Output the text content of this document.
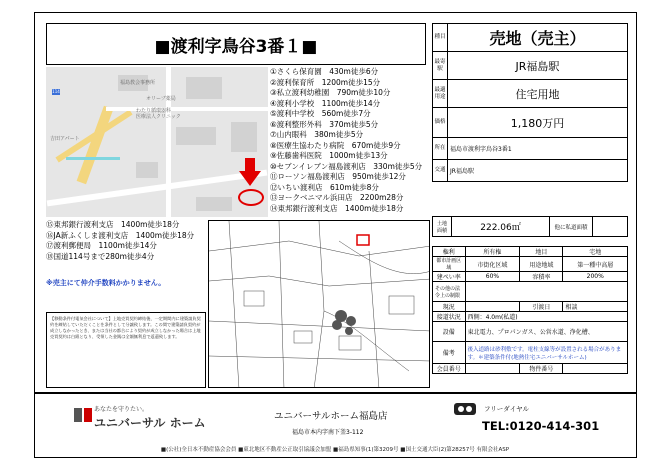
■渡利字鳥谷3番１■
福島教会事務所
オリーブ薬局
わたり循環器科
医療法人クリニック
吉田アパート
114
①さくら保育園　430m徒歩6分
②渡利保育所　1200m徒歩15分
③私立渡利幼稚園　790m徒歩10分
④渡利小学校　1100m徒歩14分
⑤渡利中学校　560m徒歩7分
⑥渡利整形外科　370m徒歩5分
⑦山内眼科　380m徒歩5分
⑧医療生協わたり病院　670m徒歩9分
⑨佐藤歯科医院　1000m徒歩13分
⑩セブンイレブン福島渡利店　330m徒歩5分
⑪ローソン福島渡利店　950m徒歩12分
⑫いちい渡利店　610m徒歩8分
⑬ヨークベニマル浜田店　2200m28分
⑭東邦銀行渡利支店　1400m徒歩18分
⑮東邦銀行渡利支店　1400m徒歩18分
⑯JA新ふくしま渡利支店　1400m徒歩18分
⑰渡利郵便局　1100m徒歩14分
⑱国道114号まで280m徒歩4分
※売主にて仲介手数料かかりません。
【移動条件付電気会社について】上地売買契約締結後、一定期間内に建築請負契約を締結していただくことを条件として分譲致します。この間で建築請負契約が成立しなかったとき、または当社の都合により契約が成立しなかった場合は上地売買契約は白紙となり、受領した金銭は全額無利息で返還致します。
種目	売地（売主）
最寄駅	JR福島駅
最適用途	住宅用地
価格	1,180万円
所在	福島市渡利字鳥谷3番1
交通	JR福島駅
土地面積	222.06㎡	他に私道面積	
権利	所有権	地目	宅地
都市計画区域	市街化区域	用途地域	第一種中高層
建ぺい率	60%	容積率	200%
その他の法令上の制限			
現況		引渡日	相談
接道状況	西側：4.0m(私道)		
設備	東北電力、プロパンガス、公営水道、浄化槽、		
備考	後入道路は砂利敷です。電柱支線等が設置される場合があります。＊建築条件付(地熱住宅ユニバーサルホーム)		
会員番号		物件番号	
あなたを守りたい。
ユニバーサル ホーム	ユニバーサルホーム福島店
福島市本内字南下釜3-112
フリーダイヤル
TEL:0120-414-301
■(公社)全日本不動産協会会員 ■東北地区不動産公正取引協議会加盟 ■福島県知事(1)第3209号 ■国土交通大臣(2)第28257号 有限会社ASP
